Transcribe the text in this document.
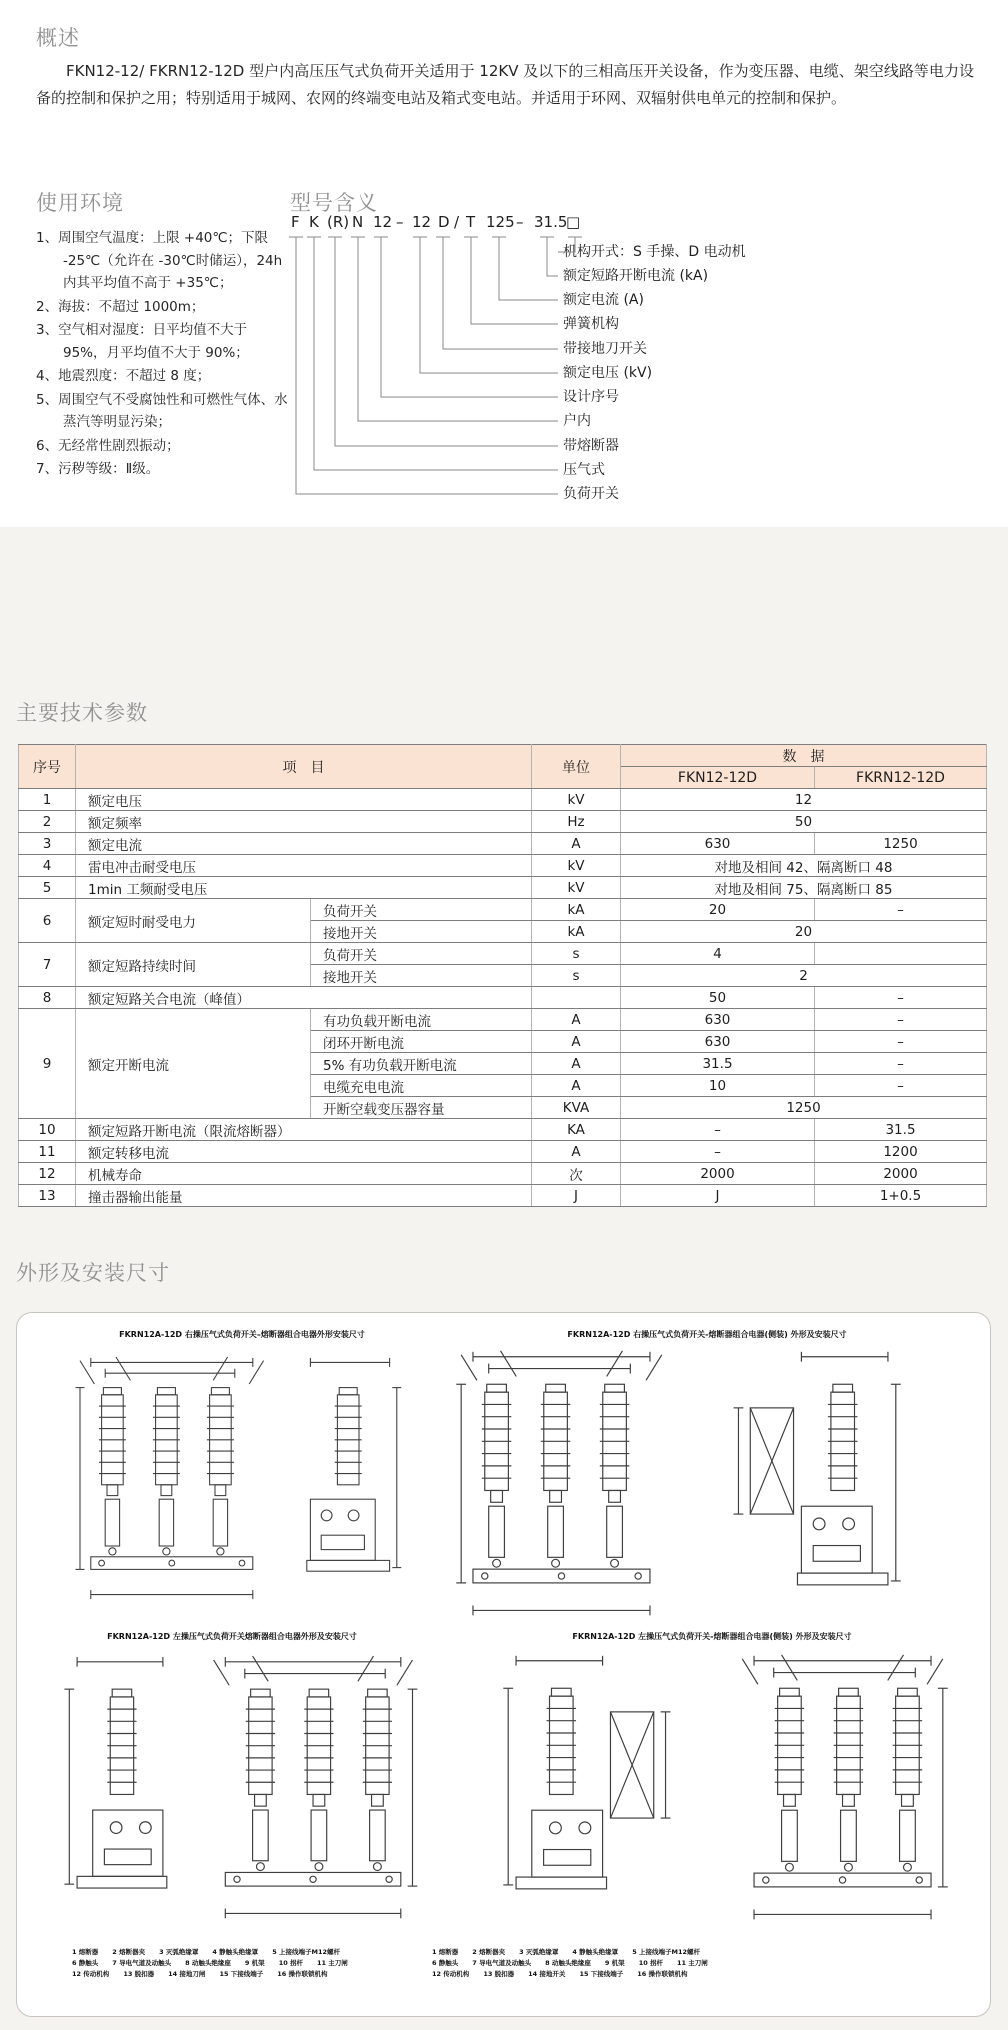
概述
FKN12-12/ FKRN12-12D 型户内高压压气式负荷开关适用于 12KV 及以下的三相高压开关设备，作为变压器、电缆、架空线路等电力设备的控制和保护之用；特别适用于城网、农网的终端变电站及箱式变电站。并适用于环网、双辐射供电单元的控制和保护。
使用环境
1、周围空气温度：上限 +40℃；下限 -25℃（允许在 -30℃时储运），24h 内其平均值不高于 +35℃；
2、海拔：不超过 1000m；
3、空气相对湿度：日平均值不大于 95%，月平均值不大于 90%；
4、地震烈度：不超过 8 度；
5、周围空气不受腐蚀性和可燃性气体、水蒸汽等明显污染；
6、无经常性剧烈振动；
7、污秽等级：Ⅱ级。
型号含义
F K (R) N 12 – 12 D / T 125 – 31.5
□
机构开式：S 手操、D 电动机
额定短路开断电流 (kA)
额定电流 (A)
弹簧机构
带接地刀开关
额定电压 (kV)
设计序号
户内
带熔断器
压气式
负荷开关
主要技术参数
序号	项　目		单位	数　据	
				FKN12-12D	FKRN12-12D
1	额定电压		kV	12	
2	额定频率		Hz	50	
3	额定电流		A	630	1250
4	雷电冲击耐受电压		kV	对地及相间 42、隔离断口 48	
5	1min 工频耐受电压		kV	对地及相间 75、隔离断口 85	
6	额定短时耐受电力	负荷开关	kA	20	–
		接地开关	kA	20	
7	额定短路持续时间	负荷开关	s	4	
		接地开关	s	2	
8	额定短路关合电流（峰值）			50	–
9	额定开断电流	有功负载开断电流	A	630	–
		闭环开断电流	A	630	–
		5% 有功负载开断电流	A	31.5	–
		电缆充电电流	A	10	–
		开断空载变压器容量	KVA	1250	
10	额定短路开断电流（限流熔断器）		KA	–	31.5
11	额定转移电流		A	–	1200
12	机械寿命		次	2000	2000
13	撞击器输出能量		J	J	1+0.5
外形及安装尺寸
FKRN12A-12D 右操压气式负荷开关–熔断器组合电器外形安装尺寸	FKRN12A-12D 右操压气式负荷开关-熔断器组合电器(侧装) 外形及安装尺寸
FKRN12A-12D 左操压气式负荷开关熔断器组合电器外形及安装尺寸
1 熔断器 2 熔断器夹 3 灭弧绝缘罩 4 静触头绝缘罩 5 上接线端子M12螺杆
6 静触头 7 导电气道及动触头 8 动触头绝缘座 9 机架 10 拐杆 11 主刀闸
12 传动机构 13 脱扣器 14 接地刀闸 15 下接线端子 16 操作联锁机构
FKRN12A-12D 左操压气式负荷开关-熔断器组合电器(侧装) 外形及安装尺寸
1 熔断器 2 熔断器夹 3 灭弧绝缘罩 4 静触头绝缘罩 5 上接线端子M12螺杆
6 静触头 7 导电气道及动触头 8 动触头绝缘座 9 机架 10 拐杆 11 主刀闸
12 传动机构 13 脱扣器 14 接地开关 15 下接线端子 16 操作联锁机构
